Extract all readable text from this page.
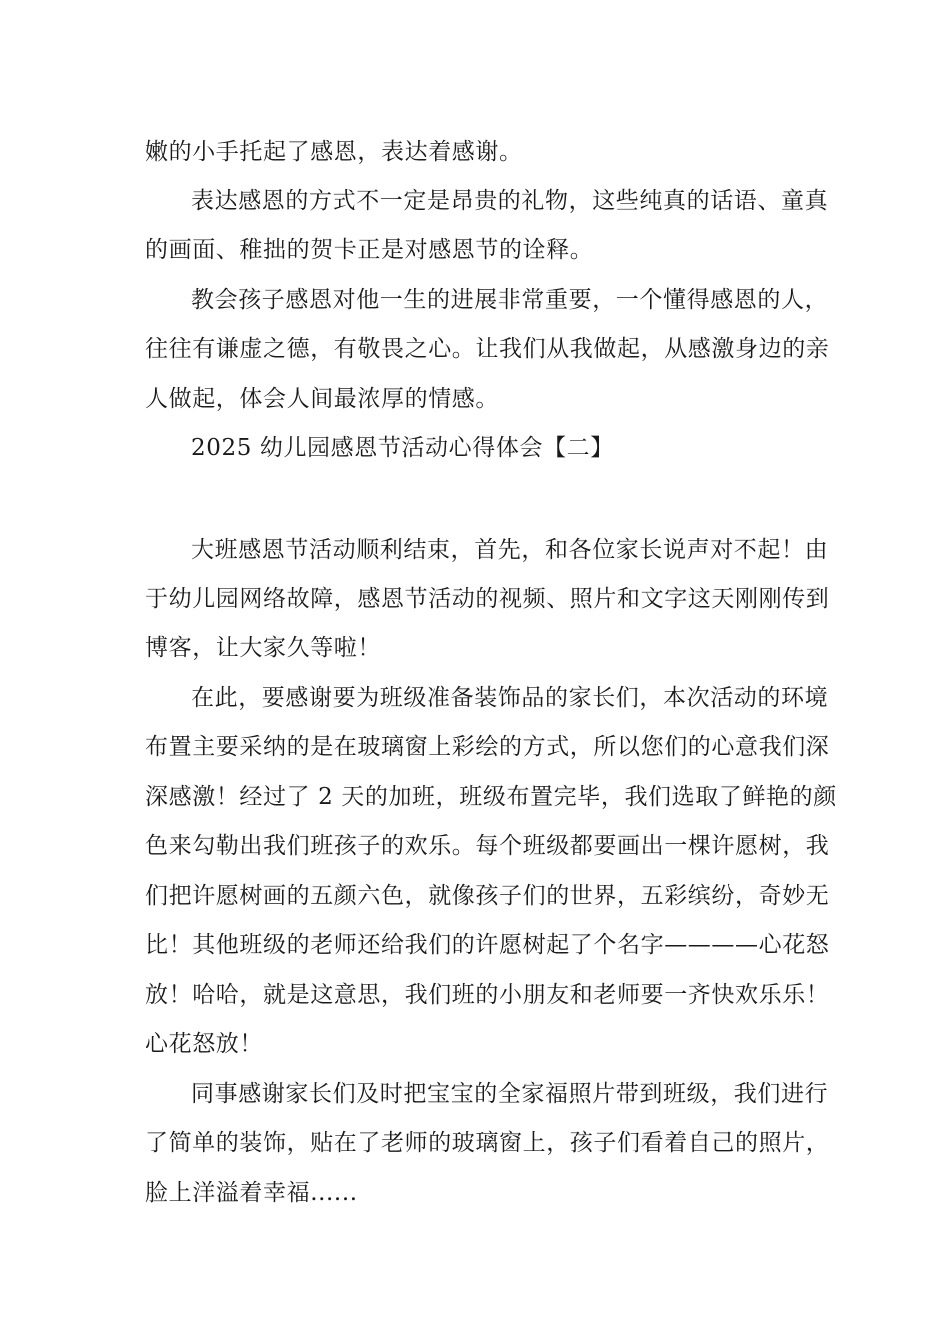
嫩的小手托起了感恩，表达着感谢。
表达感恩的方式不一定是昂贵的礼物，这些纯真的话语、童真
的画面、稚拙的贺卡正是对感恩节的诠释。
教会孩子感恩对他一生的进展非常重要，一个懂得感恩的人，
往往有谦虚之德，有敬畏之心。让我们从我做起，从感激身边的亲
人做起，体会人间最浓厚的情感。
2025 幼儿园感恩节活动心得体会【二】
大班感恩节活动顺利结束，首先，和各位家长说声对不起！由
于幼儿园网络故障，感恩节活动的视频、照片和文字这天刚刚传到
博客，让大家久等啦！
在此，要感谢要为班级准备装饰品的家长们，本次活动的环境
布置主要采纳的是在玻璃窗上彩绘的方式，所以您们的心意我们深
深感激！经过了 2 天的加班，班级布置完毕，我们选取了鲜艳的颜
色来勾勒出我们班孩子的欢乐。每个班级都要画出一棵许愿树，我
们把许愿树画的五颜六色，就像孩子们的世界，五彩缤纷，奇妙无
比！其他班级的老师还给我们的许愿树起了个名字————心花怒
放！哈哈，就是这意思，我们班的小朋友和老师要一齐快欢乐乐！
心花怒放！
同事感谢家长们及时把宝宝的全家福照片带到班级，我们进行
了简单的装饰，贴在了老师的玻璃窗上，孩子们看着自己的照片，
脸上洋溢着幸福......
